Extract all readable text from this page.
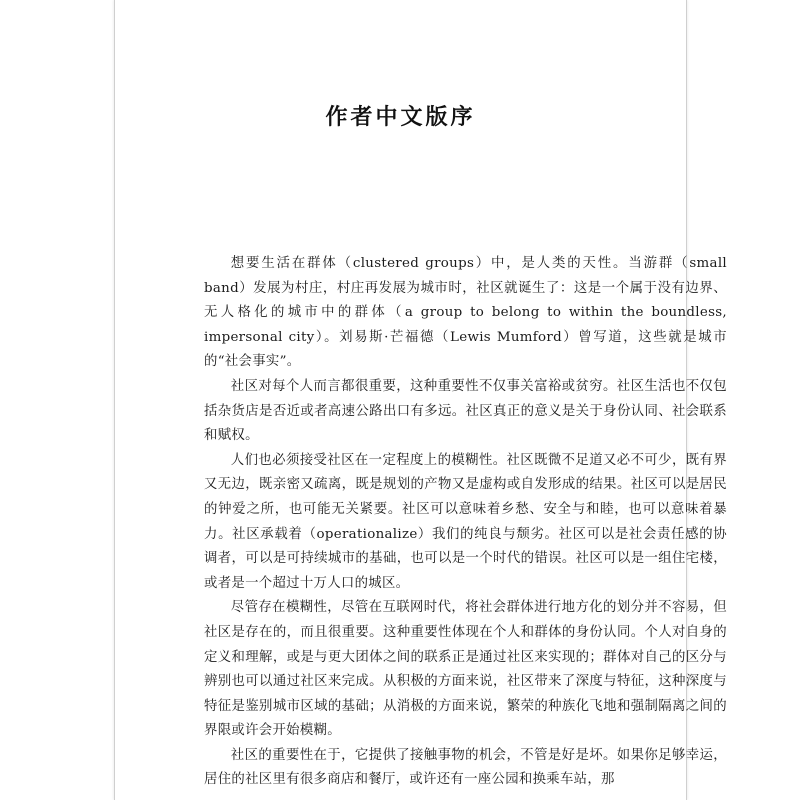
作者中文版序

想要生活在群体（clustered groups）中，是人类的天性。当游群（small band）发展为村庄，村庄再发展为城市时，社区就诞生了：这是一个属于没有边界、无人格化的城市中的群体（a group to belong to within the boundless, impersonal city）。刘易斯·芒福德（Lewis Mumford）曾写道，这些就是城市的“社会事实”。

社区对每个人而言都很重要，这种重要性不仅事关富裕或贫穷。社区生活也不仅包括杂货店是否近或者高速公路出口有多远。社区真正的意义是关于身份认同、社会联系和赋权。

人们也必须接受社区在一定程度上的模糊性。社区既微不足道又必不可少，既有界又无边，既亲密又疏离，既是规划的产物又是虚构或自发形成的结果。社区可以是居民的钟爱之所，也可能无关紧要。社区可以意味着乡愁、安全与和睦，也可以意味着暴力。社区承载着（operationalize）我们的纯良与颓劣。社区可以是社会责任感的协调者，可以是可持续城市的基础，也可以是一个时代的错误。社区可以是一组住宅楼，或者是一个超过十万人口的城区。

尽管存在模糊性，尽管在互联网时代，将社会群体进行地方化的划分并不容易，但社区是存在的，而且很重要。这种重要性体现在个人和群体的身份认同。个人对自身的定义和理解，或是与更大团体之间的联系正是通过社区来实现的；群体对自己的区分与辨别也可以通过社区来完成。从积极的方面来说，社区带来了深度与特征，这种深度与特征是鉴别城市区域的基础；从消极的方面来说，繁荣的种族化飞地和强制隔离之间的界限或许会开始模糊。

社区的重要性在于，它提供了接触事物的机会，不管是好是坏。如果你足够幸运，居住的社区里有很多商店和餐厅，或许还有一座公园和换乘车站，那
